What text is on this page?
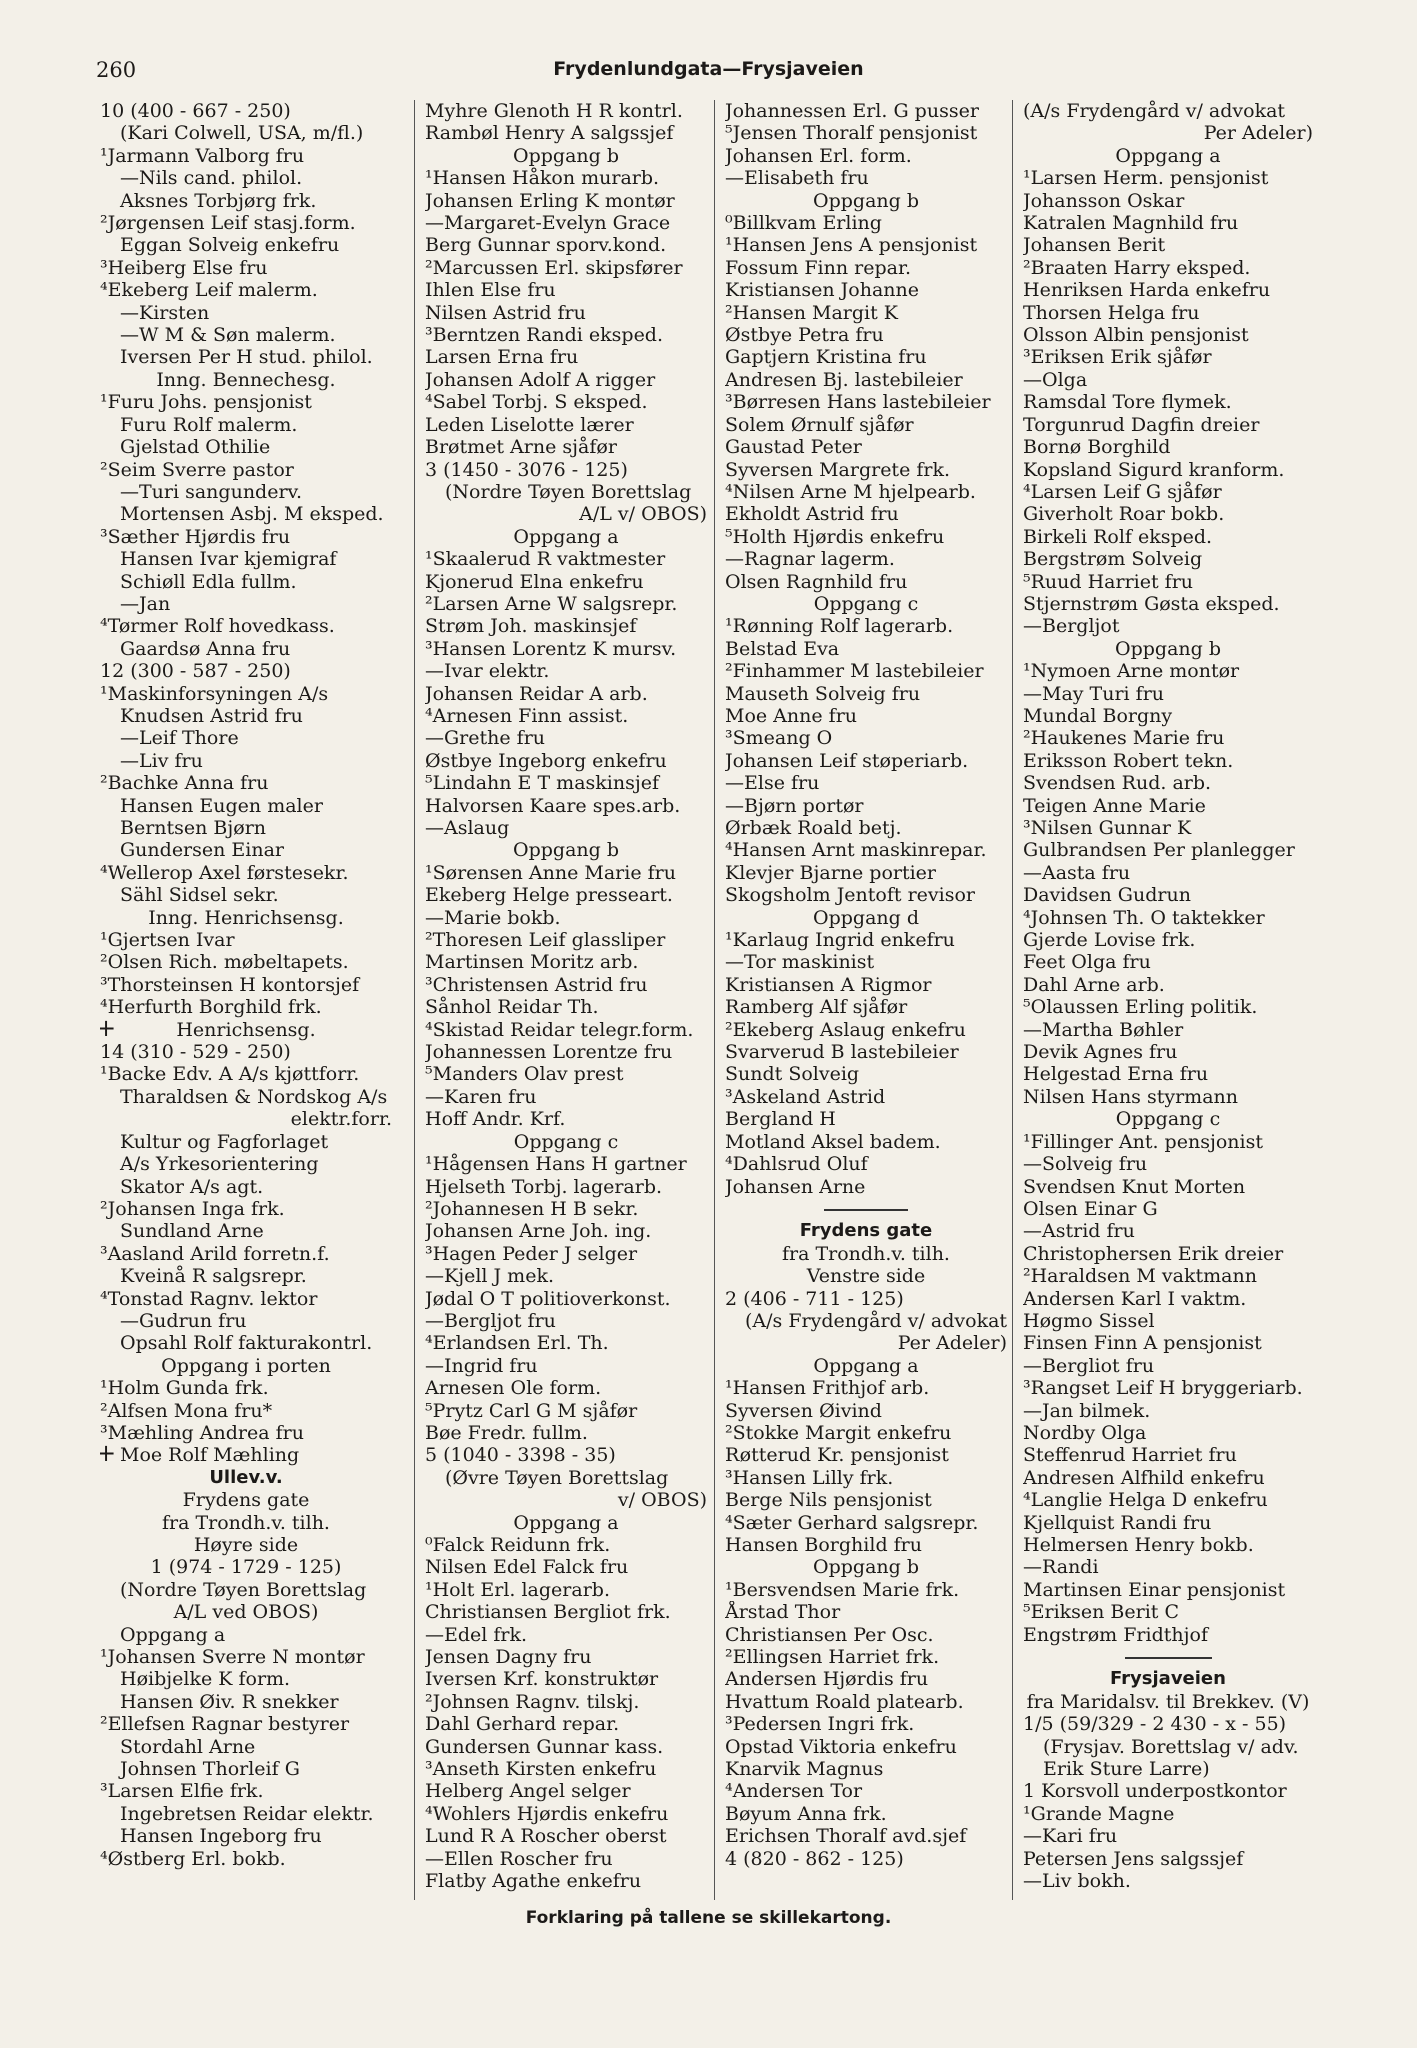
260	Frydenlundgata—Frysjaveien
10 (400 - 667 - 250)
(Kari Colwell, USA, m/fl.)
¹Jarmann Valborg fru
—Nils cand. philol.
Aksnes Torbjørg frk.
²Jørgensen Leif stasj.form.
Eggan Solveig enkefru
³Heiberg Else fru
⁴Ekeberg Leif malerm.
—Kirsten
—W M & Søn malerm.
Iversen Per H stud. philol.
Inng. Bennechesg.
¹Furu Johs. pensjonist
Furu Rolf malerm.
Gjelstad Othilie
²Seim Sverre pastor
—Turi sangunderv.
Mortensen Asbj. M eksped.
³Sæther Hjørdis fru
Hansen Ivar kjemigraf
Schiøll Edla fullm.
—Jan
⁴Tørmer Rolf hovedkass.
Gaardsø Anna fru
12 (300 - 587 - 250)
¹Maskinforsyningen A/s
Knudsen Astrid fru
—Leif Thore
—Liv fru
²Bachke Anna fru
Hansen Eugen maler
Berntsen Bjørn
Gundersen Einar
⁴Wellerop Axel førstesekr.
Sähl Sidsel sekr.
Inng. Henrichsensg.
¹Gjertsen Ivar
²Olsen Rich. møbeltapets.
³Thorsteinsen H kontorsjef
⁴Herfurth Borghild frk.
+ Henrichsensg.
14 (310 - 529 - 250)
¹Backe Edv. A A/s kjøttforr.
Tharaldsen & Nordskog A/s
elektr.forr.
Kultur og Fagforlaget
A/s Yrkesorientering
Skator A/s agt.
²Johansen Inga frk.
Sundland Arne
³Aasland Arild forretn.f.
Kveinå R salgsrepr.
⁴Tonstad Ragnv. lektor
—Gudrun fru
Opsahl Rolf fakturakontrl.
Oppgang i porten
¹Holm Gunda frk.
²Alfsen Mona fru*
³Mæhling Andrea fru
+ Moe Rolf Mæhling
Ullev.v.
Frydens gate
fra Trondh.v. tilh.
Høyre side
1 (974 - 1729 - 125)
(Nordre Tøyen Borettslag
A/L ved OBOS)
Oppgang a
¹Johansen Sverre N montør
Høibjelke K form.
Hansen Øiv. R snekker
²Ellefsen Ragnar bestyrer
Stordahl Arne
Johnsen Thorleif G
³Larsen Elfie frk.
Ingebretsen Reidar elektr.
Hansen Ingeborg fru
⁴Østberg Erl. bokb.
Myhre Glenoth H R kontrl.
Rambøl Henry A salgssjef
Oppgang b
¹Hansen Håkon murarb.
Johansen Erling K montør
—Margaret-Evelyn Grace
Berg Gunnar sporv.kond.
²Marcussen Erl. skipsfører
Ihlen Else fru
Nilsen Astrid fru
³Berntzen Randi eksped.
Larsen Erna fru
Johansen Adolf A rigger
⁴Sabel Torbj. S eksped.
Leden Liselotte lærer
Brøtmet Arne sjåfør
3 (1450 - 3076 - 125)
(Nordre Tøyen Borettslag
A/L v/ OBOS)
Oppgang a
¹Skaalerud R vaktmester
Kjonerud Elna enkefru
²Larsen Arne W salgsrepr.
Strøm Joh. maskinsjef
³Hansen Lorentz K mursv.
—Ivar elektr.
Johansen Reidar A arb.
⁴Arnesen Finn assist.
—Grethe fru
Østbye Ingeborg enkefru
⁵Lindahn E T maskinsjef
Halvorsen Kaare spes.arb.
—Aslaug
Oppgang b
¹Sørensen Anne Marie fru
Ekeberg Helge presseart.
—Marie bokb.
²Thoresen Leif glassliper
Martinsen Moritz arb.
³Christensen Astrid fru
Sånhol Reidar Th.
⁴Skistad Reidar telegr.form.
Johannessen Lorentze fru
⁵Manders Olav prest
—Karen fru
Hoff Andr. Krf.
Oppgang c
¹Hågensen Hans H gartner
Hjelseth Torbj. lagerarb.
²Johannesen H B sekr.
Johansen Arne Joh. ing.
³Hagen Peder J selger
—Kjell J mek.
Jødal O T politioverkonst.
—Bergljot fru
⁴Erlandsen Erl. Th.
—Ingrid fru
Arnesen Ole form.
⁵Prytz Carl G M sjåfør
Bøe Fredr. fullm.
5 (1040 - 3398 - 35)
(Øvre Tøyen Borettslag
v/ OBOS)
Oppgang a
⁰Falck Reidunn frk.
Nilsen Edel Falck fru
¹Holt Erl. lagerarb.
Christiansen Bergliot frk.
—Edel frk.
Jensen Dagny fru
Iversen Krf. konstruktør
²Johnsen Ragnv. tilskj.
Dahl Gerhard repar.
Gundersen Gunnar kass.
³Anseth Kirsten enkefru
Helberg Angel selger
⁴Wohlers Hjørdis enkefru
Lund R A Roscher oberst
—Ellen Roscher fru
Flatby Agathe enkefru
Johannessen Erl. G pusser
⁵Jensen Thoralf pensjonist
Johansen Erl. form.
—Elisabeth fru
Oppgang b
⁰Billkvam Erling
¹Hansen Jens A pensjonist
Fossum Finn repar.
Kristiansen Johanne
²Hansen Margit K
Østbye Petra fru
Gaptjern Kristina fru
Andresen Bj. lastebileier
³Børresen Hans lastebileier
Solem Ørnulf sjåfør
Gaustad Peter
Syversen Margrete frk.
⁴Nilsen Arne M hjelpearb.
Ekholdt Astrid fru
⁵Holth Hjørdis enkefru
—Ragnar lagerm.
Olsen Ragnhild fru
Oppgang c
¹Rønning Rolf lagerarb.
Belstad Eva
²Finhammer M lastebileier
Mauseth Solveig fru
Moe Anne fru
³Smeang O
Johansen Leif støperiarb.
—Else fru
—Bjørn portør
Ørbæk Roald betj.
⁴Hansen Arnt maskinrepar.
Klevjer Bjarne portier
Skogsholm Jentoft revisor
Oppgang d
¹Karlaug Ingrid enkefru
—Tor maskinist
Kristiansen A Rigmor
Ramberg Alf sjåfør
²Ekeberg Aslaug enkefru
Svarverud B lastebileier
Sundt Solveig
³Askeland Astrid
Bergland H
Motland Aksel badem.
⁴Dahlsrud Oluf
Johansen Arne
Frydens gate
fra Trondh.v. tilh.
Venstre side
2 (406 - 711 - 125)
(A/s Frydengård v/ advokat
Per Adeler)
Oppgang a
¹Hansen Frithjof arb.
Syversen Øivind
²Stokke Margit enkefru
Røtterud Kr. pensjonist
³Hansen Lilly frk.
Berge Nils pensjonist
⁴Sæter Gerhard salgsrepr.
Hansen Borghild fru
Oppgang b
¹Bersvendsen Marie frk.
Årstad Thor
Christiansen Per Osc.
²Ellingsen Harriet frk.
Andersen Hjørdis fru
Hvattum Roald platearb.
³Pedersen Ingri frk.
Opstad Viktoria enkefru
Knarvik Magnus
⁴Andersen Tor
Bøyum Anna frk.
Erichsen Thoralf avd.sjef
4 (820 - 862 - 125)
(A/s Frydengård v/ advokat
Per Adeler)
Oppgang a
¹Larsen Herm. pensjonist
Johansson Oskar
Katralen Magnhild fru
Johansen Berit
²Braaten Harry eksped.
Henriksen Harda enkefru
Thorsen Helga fru
Olsson Albin pensjonist
³Eriksen Erik sjåfør
—Olga
Ramsdal Tore flymek.
Torgunrud Dagfin dreier
Bornø Borghild
Kopsland Sigurd kranform.
⁴Larsen Leif G sjåfør
Giverholt Roar bokb.
Birkeli Rolf eksped.
Bergstrøm Solveig
⁵Ruud Harriet fru
Stjernstrøm Gøsta eksped.
—Bergljot
Oppgang b
¹Nymoen Arne montør
—May Turi fru
Mundal Borgny
²Haukenes Marie fru
Eriksson Robert tekn.
Svendsen Rud. arb.
Teigen Anne Marie
³Nilsen Gunnar K
Gulbrandsen Per planlegger
—Aasta fru
Davidsen Gudrun
⁴Johnsen Th. O taktekker
Gjerde Lovise frk.
Feet Olga fru
Dahl Arne arb.
⁵Olaussen Erling politik.
—Martha Bøhler
Devik Agnes fru
Helgestad Erna fru
Nilsen Hans styrmann
Oppgang c
¹Fillinger Ant. pensjonist
—Solveig fru
Svendsen Knut Morten
Olsen Einar G
—Astrid fru
Christophersen Erik dreier
²Haraldsen M vaktmann
Andersen Karl I vaktm.
Høgmo Sissel
Finsen Finn A pensjonist
—Bergliot fru
³Rangset Leif H bryggeriarb.
—Jan bilmek.
Nordby Olga
Steffenrud Harriet fru
Andresen Alfhild enkefru
⁴Langlie Helga D enkefru
Kjellquist Randi fru
Helmersen Henry bokb.
—Randi
Martinsen Einar pensjonist
⁵Eriksen Berit C
Engstrøm Fridthjof
Frysjaveien
fra Maridalsv. til Brekkev. (V)
1/5 (59/329 - 2 430 - x - 55)
(Frysjav. Borettslag v/ adv.
Erik Sture Larre)
1 Korsvoll underpostkontor
¹Grande Magne
—Kari fru
Petersen Jens salgssjef
—Liv bokh.
Forklaring på tallene se skillekartong.
